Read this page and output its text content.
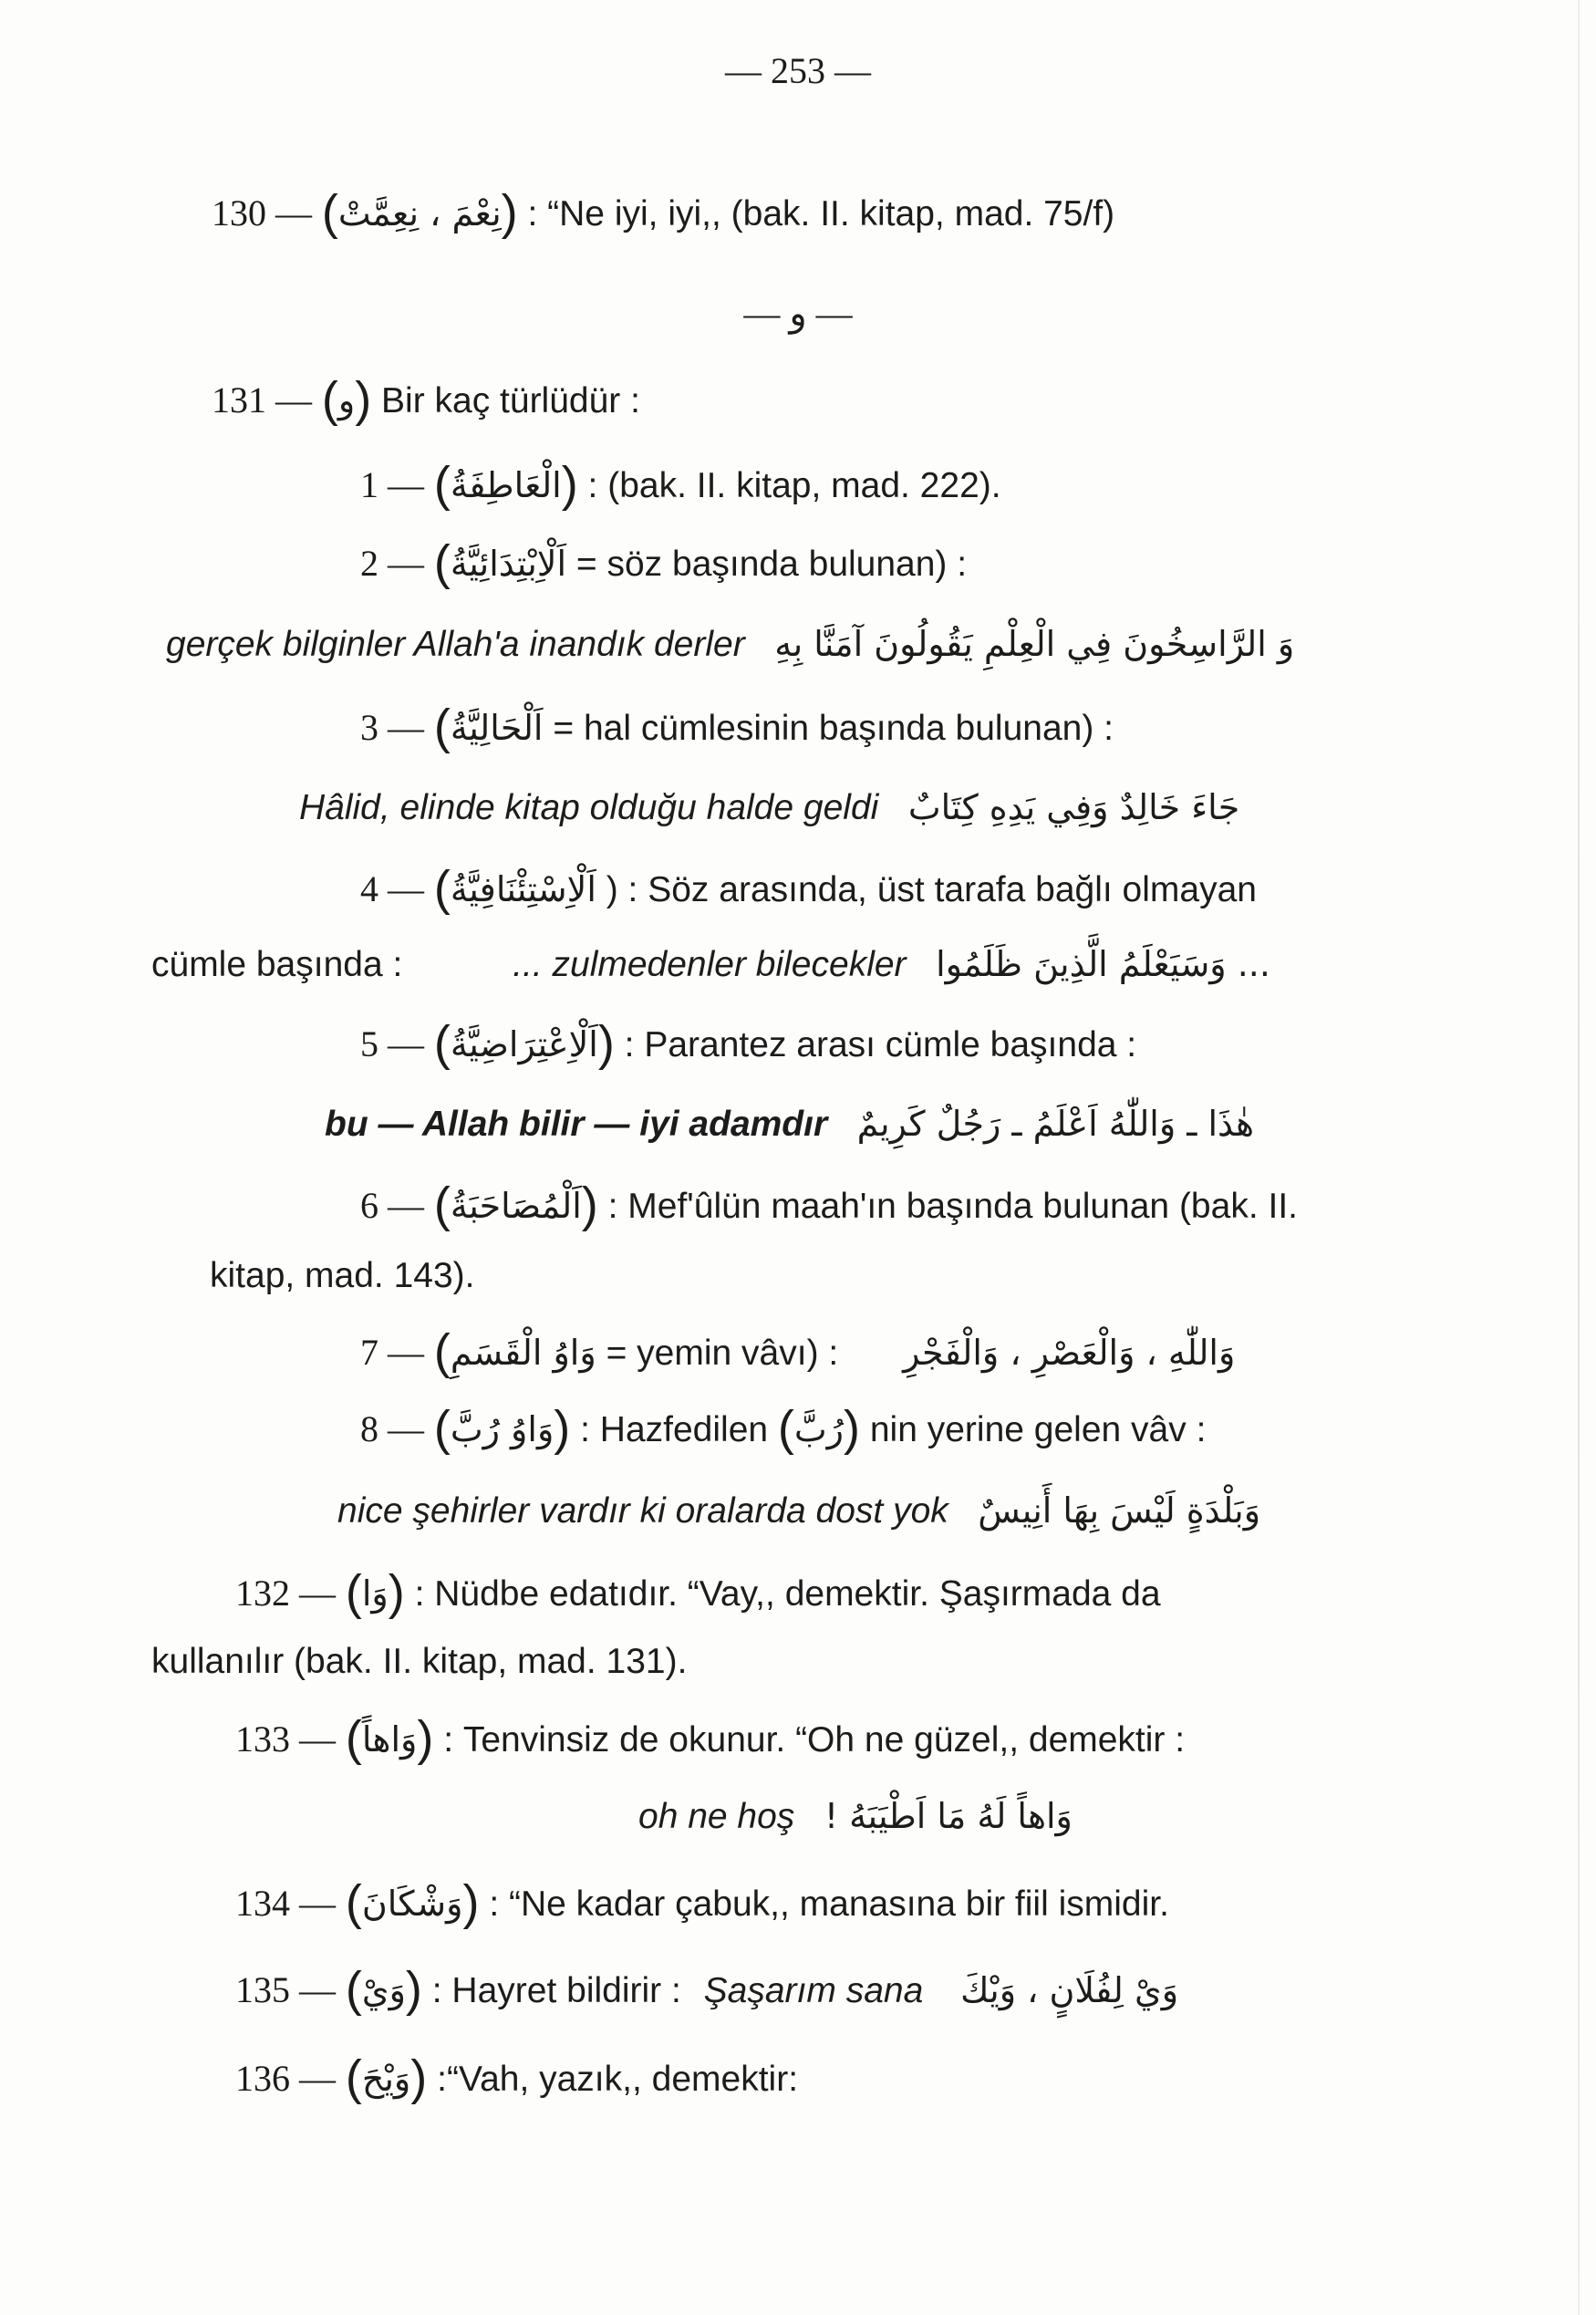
— 253 —
130 — (نِعْمَ ، نِعِمَّتْ) : “Ne iyi, iyi,, (bak. II. kitap, mad. 75/f)
— و —
131 — (و) Bir kaç türlüdür :
1 — (الْعَاطِفَةُ) : (bak. II. kitap, mad. 222).
2 — (اَلْاِبْتِدَائِيَّةُ = söz başında bulunan) :
gerçek bilginler Allah'a inandık derler وَ الرَّاسِخُونَ فِي الْعِلْمِ يَقُولُونَ آمَنَّا بِهِ
3 — (اَلْحَالِيَّةُ = hal cümlesinin başında bulunan) :
Hâlid, elinde kitap olduğu halde geldi جَاءَ خَالِدٌ وَفِي يَدِهِ كِتَابٌ
4 — (اَلْاِسْتِئْنَافِيَّةُ ) : Söz arasında, üst tarafa bağlı olmayan
cümle başında :	... zulmedenler bilecekler ... وَسَيَعْلَمُ الَّذِينَ ظَلَمُوا
5 — (اَلْاِعْتِرَاضِيَّةُ) : Parantez arası cümle başında :
bu — Allah bilir — iyi adamdır هٰذَا ـ وَاللّٰهُ اَعْلَمُ ـ رَجُلٌ كَرِيمٌ
6 — (اَلْمُصَاحَبَةُ) : Mef'ûlün maah'ın başında bulunan (bak. II.
kitap, mad. 143).
7 — (وَاوُ الْقَسَمِ = yemin vâvı) : وَاللّٰهِ ، وَالْعَصْرِ ، وَالْفَجْرِ
8 — (وَاوُ رُبَّ) : Hazfedilen (رُبَّ) nin yerine gelen vâv :
nice şehirler vardır ki oralarda dost yok وَبَلْدَةٍ لَيْسَ بِهَا أَنِيسٌ
132 — (وَا) : Nüdbe edatıdır. “Vay,, demektir. Şaşırmada da
kullanılır (bak. II. kitap, mad. 131).
133 — (وَاهاً) : Tenvinsiz de okunur. “Oh ne güzel,, demektir :
oh ne hoş وَاهاً لَهُ مَا اَطْيَبَهُ !
134 — (وَشْكَانَ) : “Ne kadar çabuk,, manasına bir fiil ismidir.
135 — (وَيْ) : Hayret bildirir : Şaşarım sana وَيْ لِفُلَانٍ ، وَيْكَ
136 — (وَيْحَ) :“Vah, yazık,, demektir:
